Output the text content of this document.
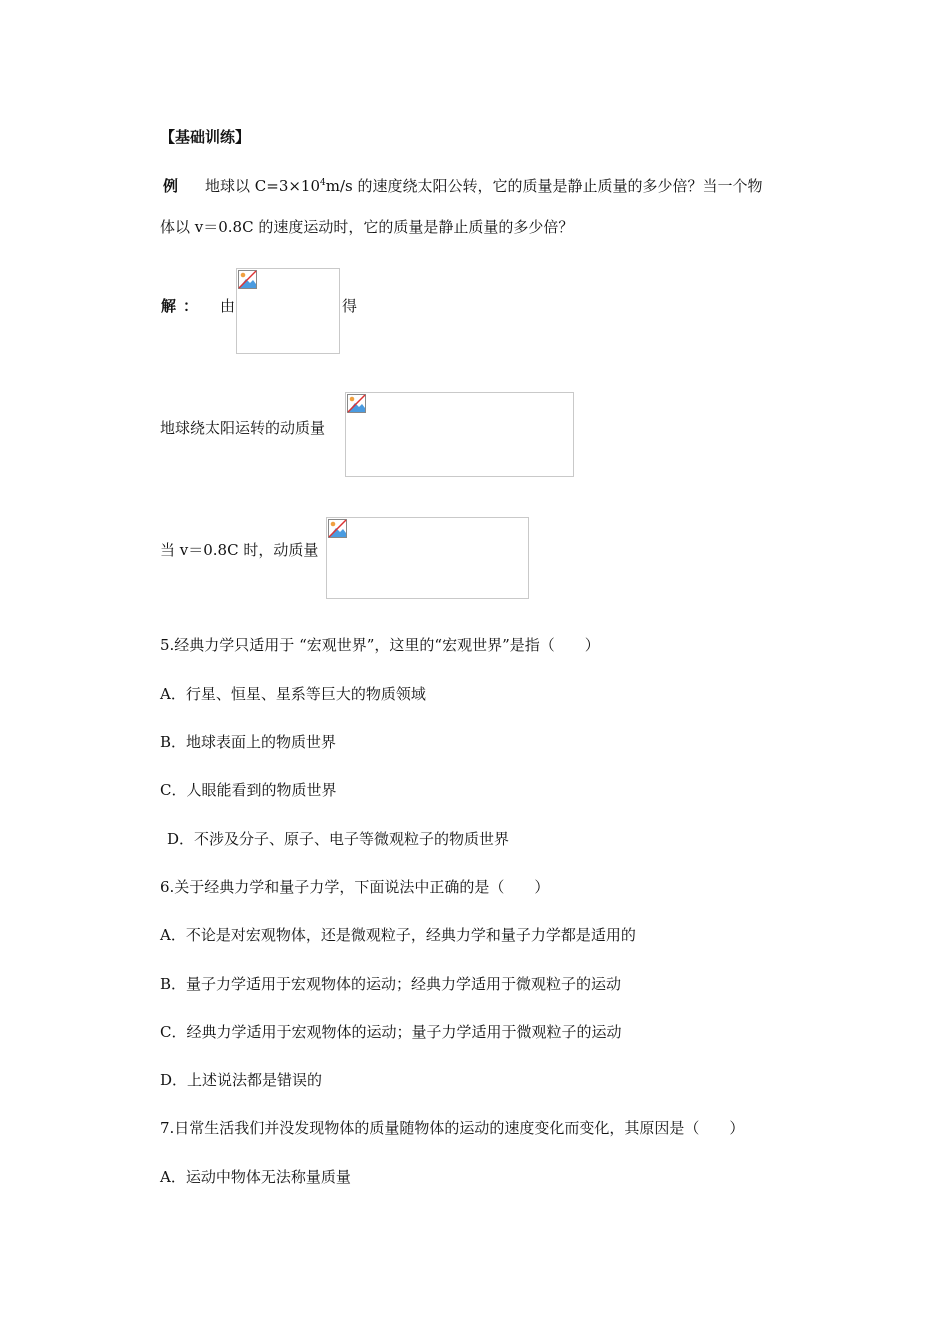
【基础训练】
例 地球以 $C=3\times 10^4m/s$ 的速度绕太阳公转，它的质量是静止质量的多少倍？当一个物
体以 v＝0.8C 的速度运动时，它的质量是静止质量的多少倍？
解 ： 由	得
地球绕太阳运转的动质量
当 v＝0.8C 时，动质量
5.经典力学只适用于 “宏观世界”，这里的“宏观世界”是指（　　）
A．行星、恒星、星系等巨大的物质领域
B．地球表面上的物质世界
C．人眼能看到的物质世界
D．不涉及分子、原子、电子等微观粒子的物质世界
6.关于经典力学和量子力学，下面说法中正确的是（　　）
A．不论是对宏观物体，还是微观粒子，经典力学和量子力学都是适用的
B．量子力学适用于宏观物体的运动；经典力学适用于微观粒子的运动
C．经典力学适用于宏观物体的运动；量子力学适用于微观粒子的运动
D．上述说法都是错误的
7.日常生活我们并没发现物体的质量随物体的运动的速度变化而变化，其原因是（　　）
A．运动中物体无法称量质量
